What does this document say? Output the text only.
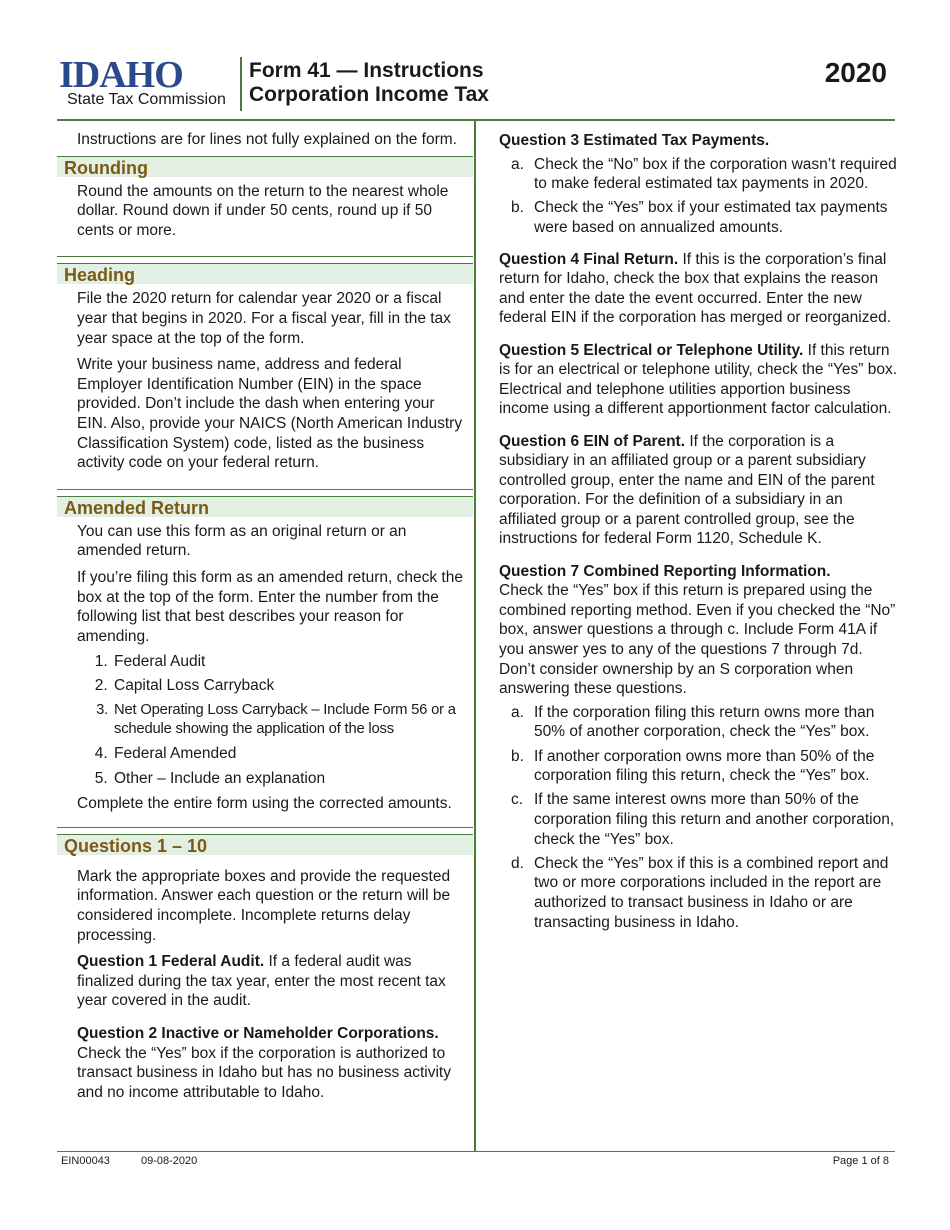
IDAHO
State Tax Commission
Form 41 — Instructions
Corporation Income Tax
2020

Instructions are for lines not fully explained on the form.

Rounding

Round the amounts on the return to the nearest whole dollar. Round down if under 50 cents, round up if 50 cents or more.

Heading

File the 2020 return for calendar year 2020 or a fiscal year that begins in 2020. For a fiscal year, fill in the tax year space at the top of the form.

Write your business name, address and federal Employer Identification Number (EIN) in the space provided. Don’t include the dash when entering your EIN. Also, provide your NAICS (North American Industry Classification System) code, listed as the business activity code on your federal return.

Amended Return

You can use this form as an original return or an amended return.

If you’re filing this form as an amended return, check the box at the top of the form. Enter the number from the following list that best describes your reason for amending.

1. Federal Audit
2. Capital Loss Carryback
3. Net Operating Loss Carryback – Include Form 56 or a schedule showing the application of the loss
4. Federal Amended
5. Other – Include an explanation

Complete the entire form using the corrected amounts.

Questions 1 – 10

Mark the appropriate boxes and provide the requested information. Answer each question or the return will be considered incomplete. Incomplete returns delay processing.

Question 1 Federal Audit. If a federal audit was finalized during the tax year, enter the most recent tax year covered in the audit.

Question 2 Inactive or Nameholder Corporations.
Check the “Yes” box if the corporation is authorized to transact business in Idaho but has no business activity and no income attributable to Idaho.

Question 3 Estimated Tax Payments.

a. Check the “No” box if the corporation wasn’t required to make federal estimated tax payments in 2020.
b. Check the “Yes” box if your estimated tax payments were based on annualized amounts.

Question 4 Final Return. If this is the corporation’s final return for Idaho, check the box that explains the reason and enter the date the event occurred. Enter the new federal EIN if the corporation has merged or reorganized.

Question 5 Electrical or Telephone Utility. If this return is for an electrical or telephone utility, check the “Yes” box. Electrical and telephone utilities apportion business income using a different apportionment factor calculation.

Question 6 EIN of Parent. If the corporation is a subsidiary in an affiliated group or a parent subsidiary controlled group, enter the name and EIN of the parent corporation. For the definition of a subsidiary in an affiliated group or a parent controlled group, see the instructions for federal Form 1120, Schedule K.

Question 7 Combined Reporting Information.
Check the “Yes” box if this return is prepared using the combined reporting method. Even if you checked the “No” box, answer questions a through c. Include Form 41A if you answer yes to any of the questions 7 through 7d. Don’t consider ownership by an S corporation when answering these questions.

a. If the corporation filing this return owns more than 50% of another corporation, check the “Yes” box.
b. If another corporation owns more than 50% of the corporation filing this return, check the “Yes” box.
c. If the same interest owns more than 50% of the corporation filing this return and another corporation, check the “Yes” box.
d. Check the “Yes” box if this is a combined report and two or more corporations included in the report are authorized to transact business in Idaho or are transacting business in Idaho.
EIN00043	09-08-2020	Page 1 of 8
